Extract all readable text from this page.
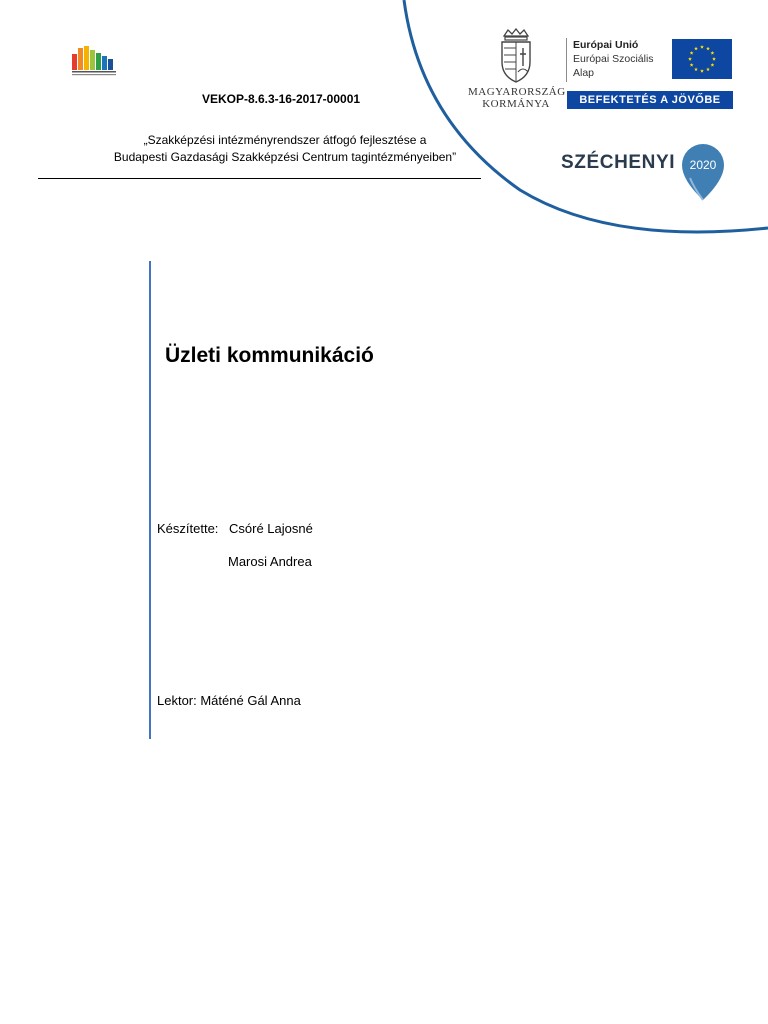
VEKOP-8.6.3-16-2017-00001
„Szakképzési intézményrendszer átfogó fejlesztése a
Budapesti Gazdasági Szakképzési Centrum tagintézményeiben”
MAGYARORSZÁG
KORMÁNYA
Európai Unió
Európai Szociális
Alap
BEFEKTETÉS A JÖVŐBE
SZÉCHENYI 2020
Üzleti kommunikáció
Készítette: Csóré Lajosné
Marosi Andrea
Lektor: Máténé Gál Anna
